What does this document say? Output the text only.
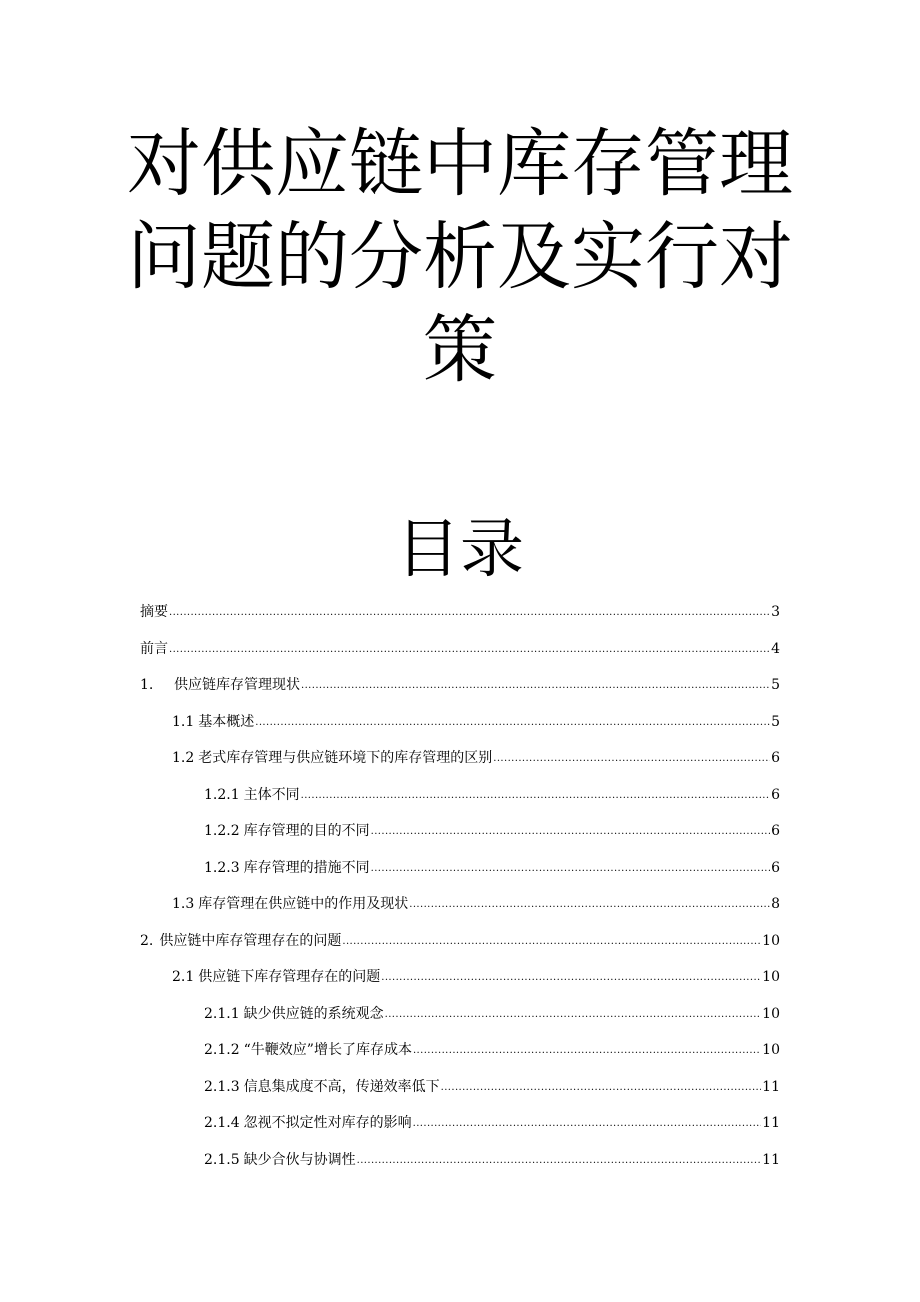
对供应链中库存管理
问题的分析及实行对
策
目录
摘要 .....	3
前言 .....	4
1. 供应链库存管理现状 .....	5
1.1 基本概述 .....	5
1.2 老式库存管理与供应链环境下的库存管理的区别 .....	6
1.2.1 主体不同 .....	6
1.2.2 库存管理的目的不同 .....	6
1.2.3 库存管理的措施不同 .....	6
1.3 库存管理在供应链中的作用及现状 .....	8
2. 供应链中库存管理存在的问题 .....	10
2.1 供应链下库存管理存在的问题 .....	10
2.1.1 缺少供应链的系统观念 .....	10
2.1.2 “牛鞭效应”增长了库存成本 .....	10
2.1.3 信息集成度不高，传递效率低下 .....	11
2.1.4 忽视不拟定性对库存的影响 .....	11
2.1.5 缺少合伙与协调性 .....	11
